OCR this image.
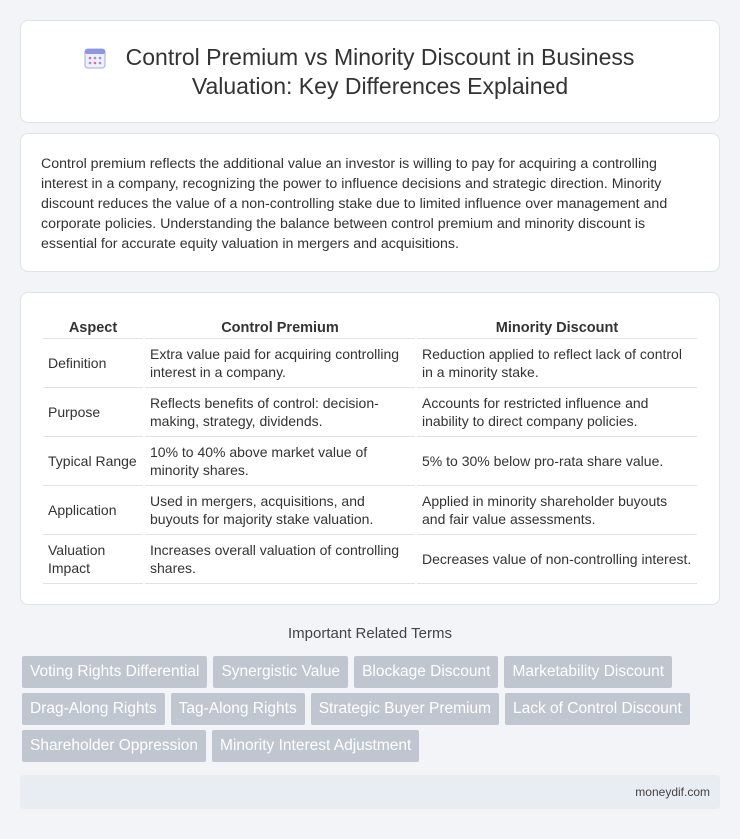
Control Premium vs Minority Discount in Business Valuation: Key Differences Explained

Control premium reflects the additional value an investor is willing to pay for acquiring a controlling interest in a company, recognizing the power to influence decisions and strategic direction. Minority discount reduces the value of a non-controlling stake due to limited influence over management and corporate policies. Understanding the balance between control premium and minority discount is essential for accurate equity valuation in mergers and acquisitions.

Aspect	Control Premium	Minority Discount
Definition	Extra value paid for acquiring controlling interest in a company.	Reduction applied to reflect lack of control in a minority stake.
Purpose	Reflects benefits of control: decision-making, strategy, dividends.	Accounts for restricted influence and inability to direct company policies.
Typical Range	10% to 40% above market value of minority shares.	5% to 30% below pro-rata share value.
Application	Used in mergers, acquisitions, and buyouts for majority stake valuation.	Applied in minority shareholder buyouts and fair value assessments.
Valuation Impact	Increases overall valuation of controlling shares.	Decreases value of non-controlling interest.
Important Related Terms
Voting Rights Differential	Synergistic Value	Blockage Discount	Marketability Discount
Drag-Along Rights	Tag-Along Rights	Strategic Buyer Premium	Lack of Control Discount
Shareholder Oppression	Minority Interest Adjustment
moneydif.com
